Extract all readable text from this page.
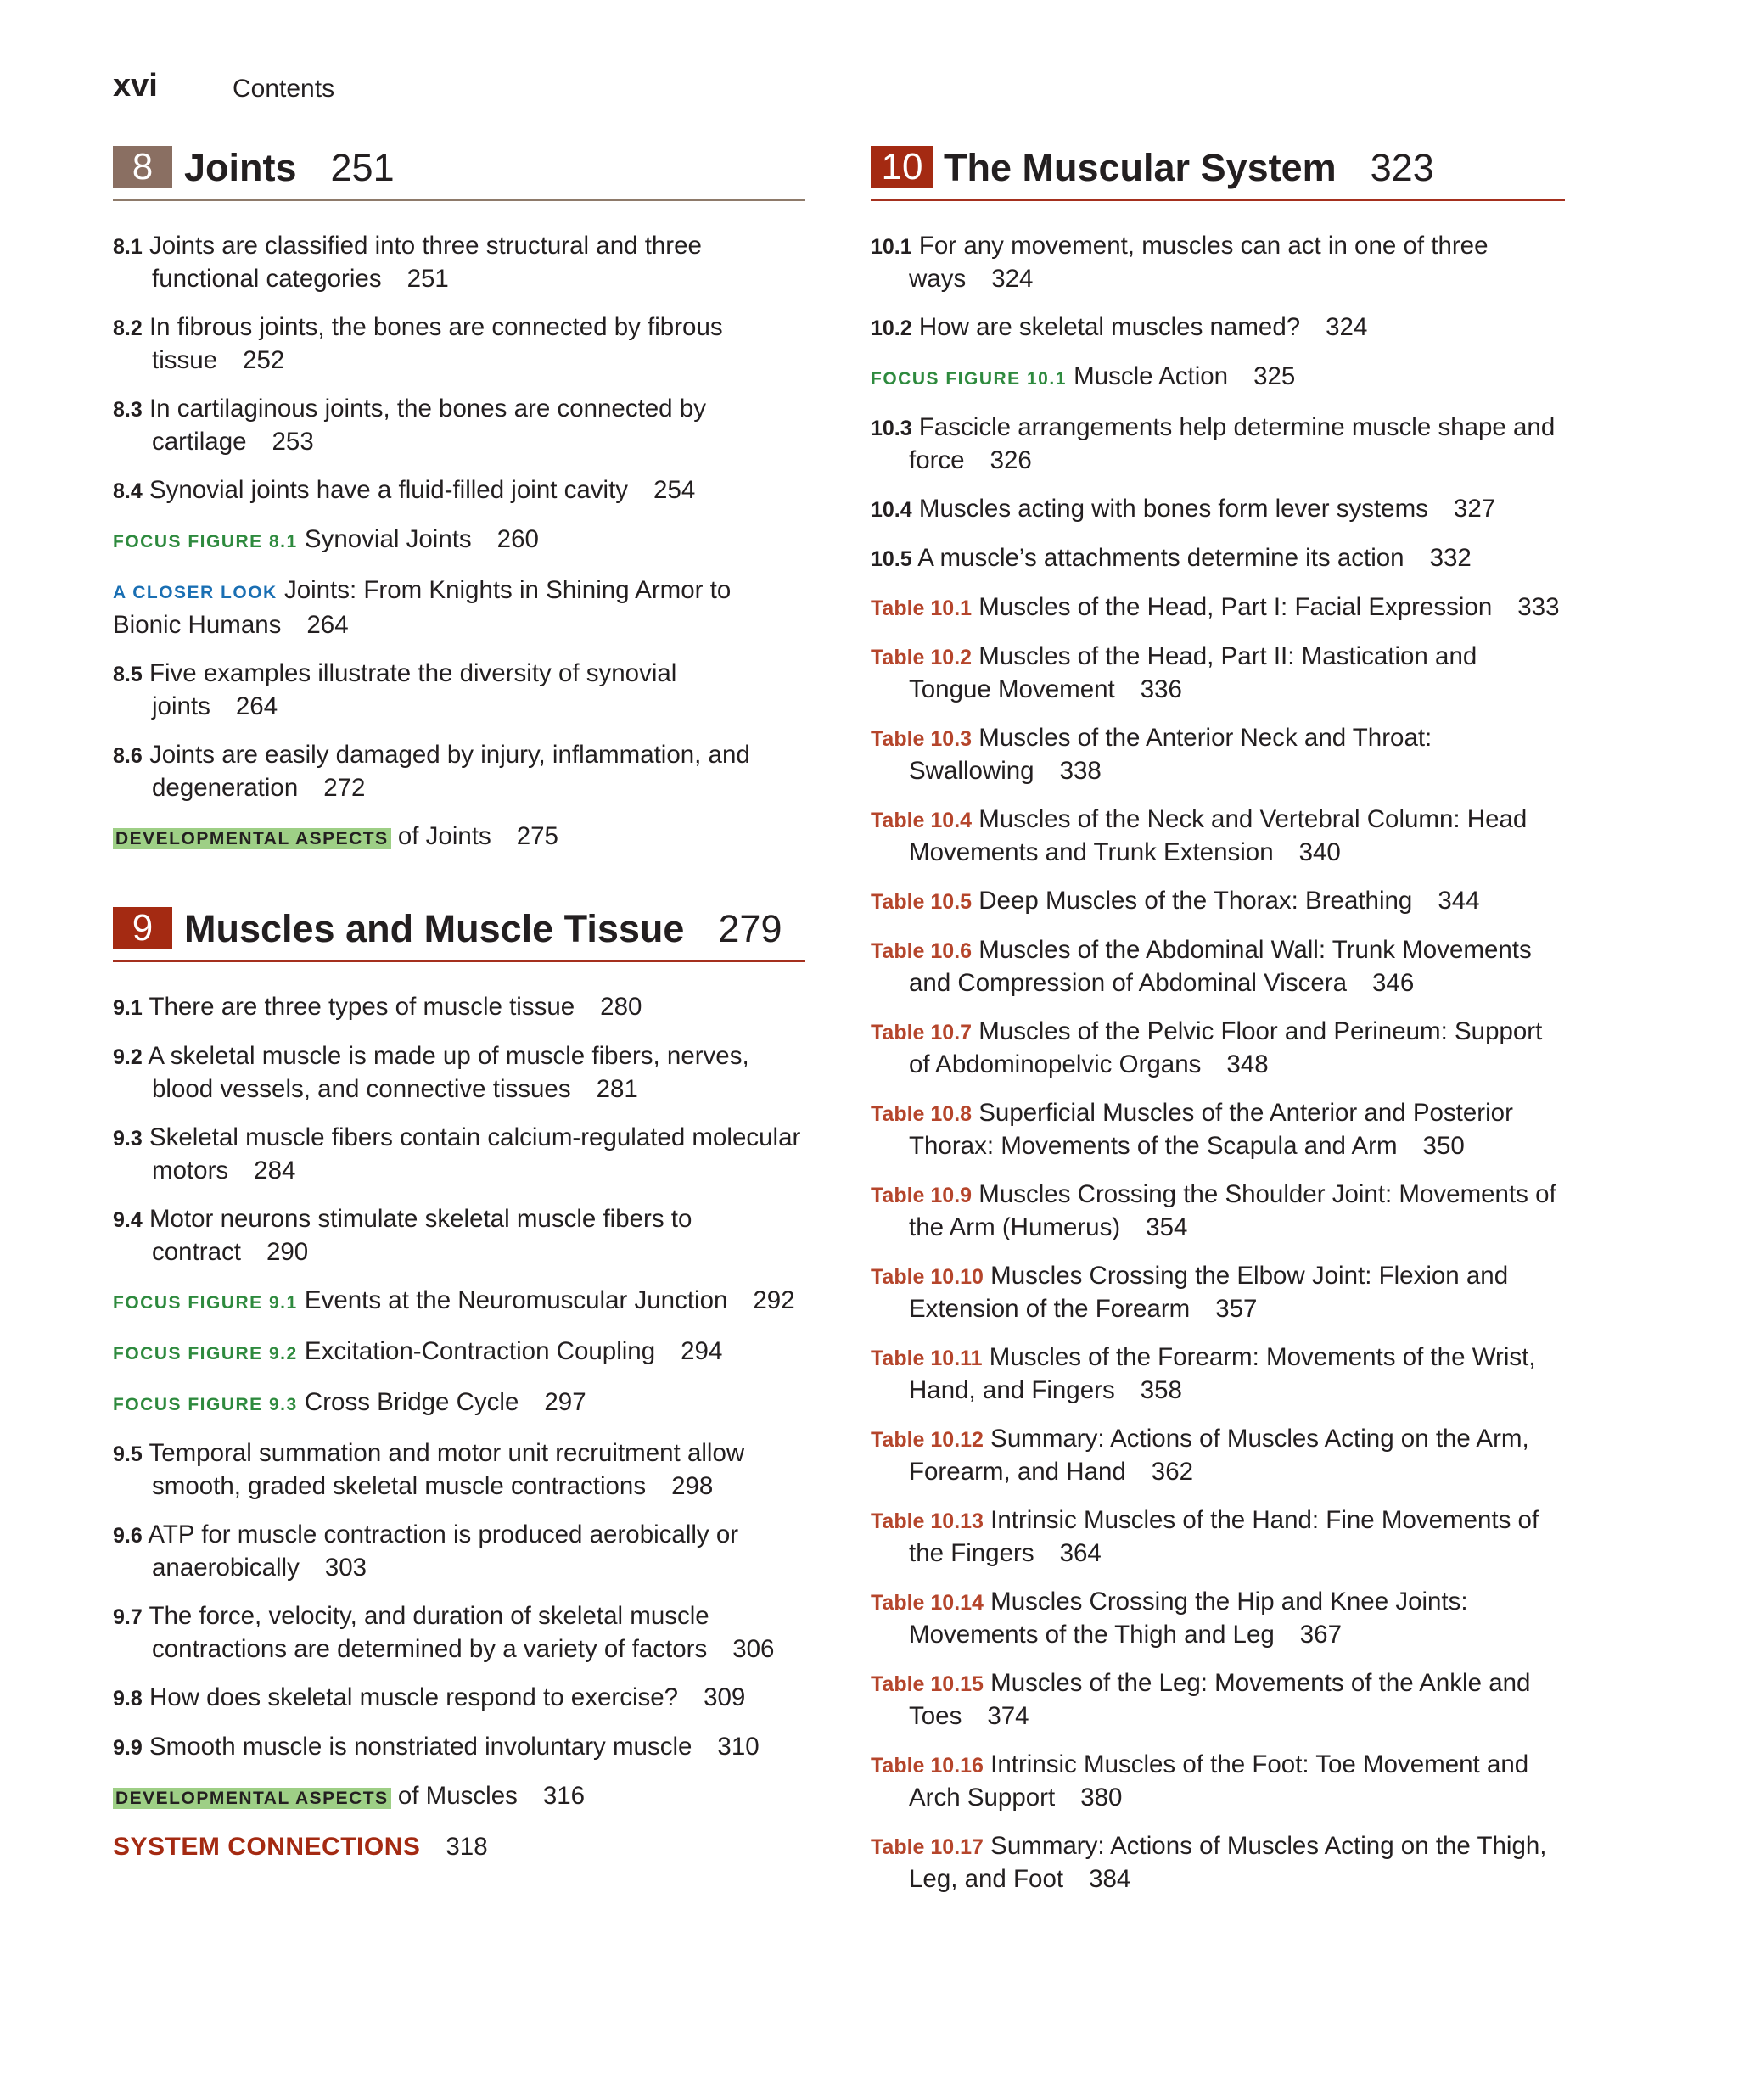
xvi	Contents
8 Joints 251
8.1 Joints are classified into three structural and three functional categories 251
8.2 In fibrous joints, the bones are connected by fibrous tissue 252
8.3 In cartilaginous joints, the bones are connected by cartilage 253
8.4 Synovial joints have a fluid-filled joint cavity 254
FOCUS FIGURE 8.1 Synovial Joints 260
A CLOSER LOOK Joints: From Knights in Shining Armor to Bionic Humans 264
8.5 Five examples illustrate the diversity of synovial joints 264
8.6 Joints are easily damaged by injury, inflammation, and degeneration 272
DEVELOPMENTAL ASPECTS of Joints 275
9 Muscles and Muscle Tissue 279
9.1 There are three types of muscle tissue 280
9.2 A skeletal muscle is made up of muscle fibers, nerves, blood vessels, and connective tissues 281
9.3 Skeletal muscle fibers contain calcium-regulated molecular motors 284
9.4 Motor neurons stimulate skeletal muscle fibers to contract 290
FOCUS FIGURE 9.1 Events at the Neuromuscular Junction 292
FOCUS FIGURE 9.2 Excitation-Contraction Coupling 294
FOCUS FIGURE 9.3 Cross Bridge Cycle 297
9.5 Temporal summation and motor unit recruitment allow smooth, graded skeletal muscle contractions 298
9.6 ATP for muscle contraction is produced aerobically or anaerobically 303
9.7 The force, velocity, and duration of skeletal muscle contractions are determined by a variety of factors 306
9.8 How does skeletal muscle respond to exercise? 309
9.9 Smooth muscle is nonstriated involuntary muscle 310
DEVELOPMENTAL ASPECTS of Muscles 316
SYSTEM CONNECTIONS 318
10 The Muscular System 323
10.1 For any movement, muscles can act in one of three ways 324
10.2 How are skeletal muscles named? 324
FOCUS FIGURE 10.1 Muscle Action 325
10.3 Fascicle arrangements help determine muscle shape and force 326
10.4 Muscles acting with bones form lever systems 327
10.5 A muscle’s attachments determine its action 332
Table 10.1 Muscles of the Head, Part I: Facial Expression 333
Table 10.2 Muscles of the Head, Part II: Mastication and Tongue Movement 336
Table 10.3 Muscles of the Anterior Neck and Throat: Swallowing 338
Table 10.4 Muscles of the Neck and Vertebral Column: Head Movements and Trunk Extension 340
Table 10.5 Deep Muscles of the Thorax: Breathing 344
Table 10.6 Muscles of the Abdominal Wall: Trunk Movements and Compression of Abdominal Viscera 346
Table 10.7 Muscles of the Pelvic Floor and Perineum: Support of Abdominopelvic Organs 348
Table 10.8 Superficial Muscles of the Anterior and Posterior Thorax: Movements of the Scapula and Arm 350
Table 10.9 Muscles Crossing the Shoulder Joint: Movements of the Arm (Humerus) 354
Table 10.10 Muscles Crossing the Elbow Joint: Flexion and Extension of the Forearm 357
Table 10.11 Muscles of the Forearm: Movements of the Wrist, Hand, and Fingers 358
Table 10.12 Summary: Actions of Muscles Acting on the Arm, Forearm, and Hand 362
Table 10.13 Intrinsic Muscles of the Hand: Fine Movements of the Fingers 364
Table 10.14 Muscles Crossing the Hip and Knee Joints: Movements of the Thigh and Leg 367
Table 10.15 Muscles of the Leg: Movements of the Ankle and Toes 374
Table 10.16 Intrinsic Muscles of the Foot: Toe Movement and Arch Support 380
Table 10.17 Summary: Actions of Muscles Acting on the Thigh, Leg, and Foot 384
